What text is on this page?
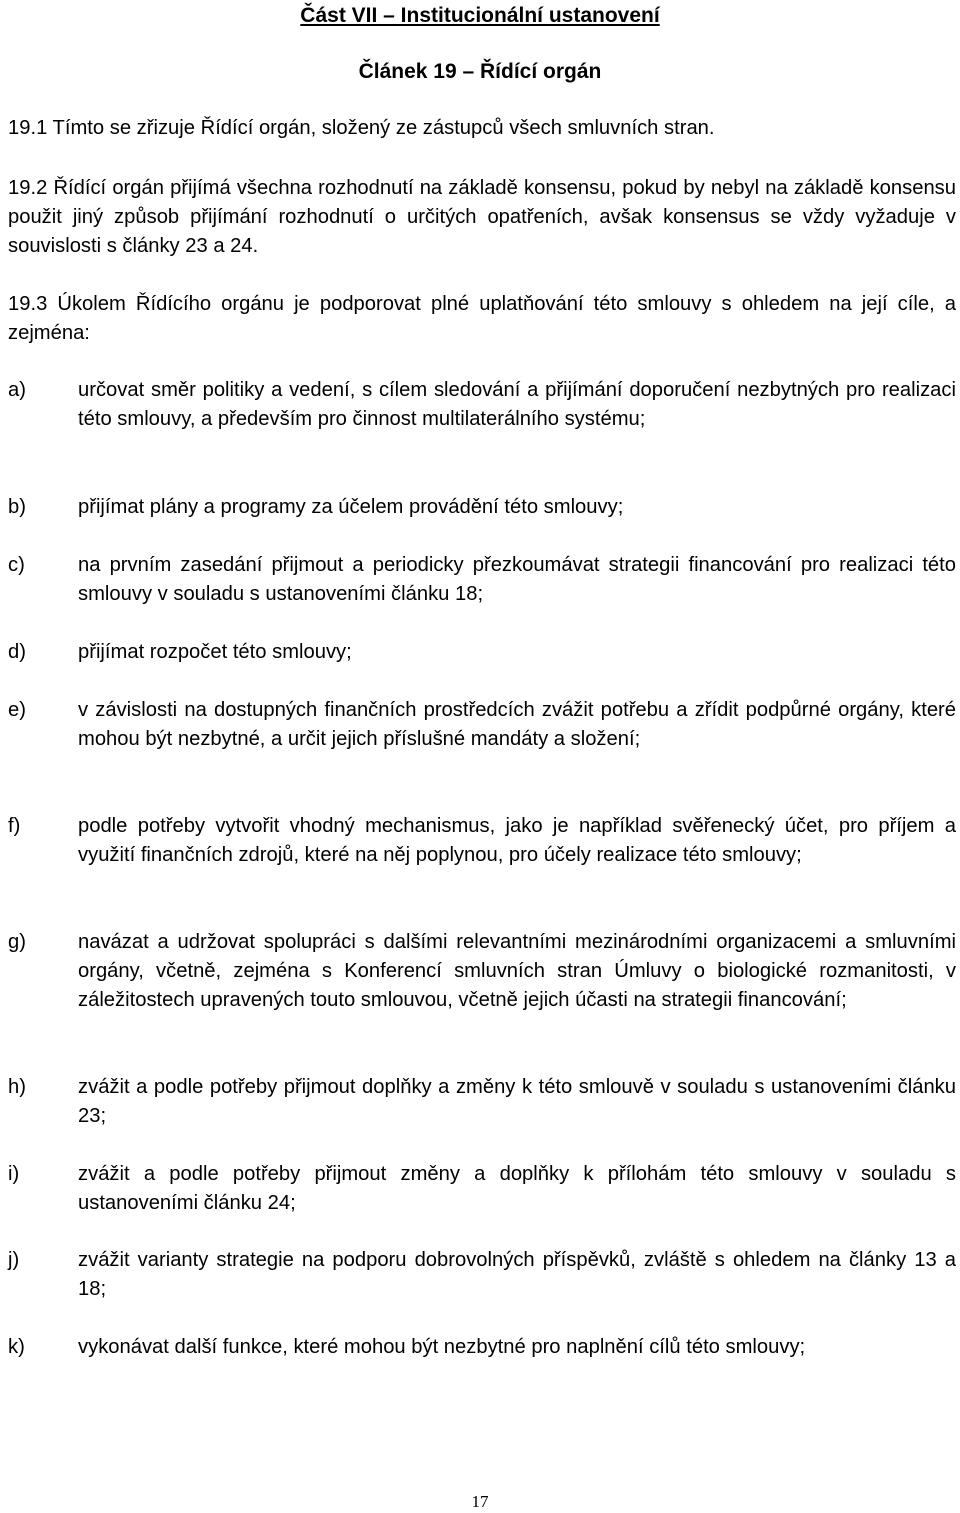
Část VII – Institucionální ustanovení
Článek 19 – Řídící orgán

19.1 Tímto se zřizuje Řídící orgán, složený ze zástupců všech smluvních stran.

19.2 Řídící orgán přijímá všechna rozhodnutí na základě konsensu, pokud by nebyl na základě konsensu použit jiný způsob přijímání rozhodnutí o určitých opatřeních, avšak konsensus se vždy vyžaduje v souvislosti s články 23 a 24.

19.3 Úkolem Řídícího orgánu je podporovat plné uplatňování této smlouvy s ohledem na její cíle, a zejména:

a)	určovat směr politiky a vedení, s cílem sledování a přijímání doporučení nezbytných pro realizaci této smlouvy, a především pro činnost multilaterálního systému;
b)	přijímat plány a programy za účelem provádění této smlouvy;
c)	na prvním zasedání přijmout a periodicky přezkoumávat strategii financování pro realizaci této smlouvy v souladu s ustanoveními článku 18;
d)	přijímat rozpočet této smlouvy;
e)	v závislosti na dostupných finančních prostředcích zvážit potřebu a zřídit podpůrné orgány, které mohou být nezbytné, a určit jejich příslušné mandáty a složení;
f)	podle potřeby vytvořit vhodný mechanismus, jako je například svěřenecký účet, pro příjem a využití finančních zdrojů, které na něj poplynou, pro účely realizace této smlouvy;
g)	navázat a udržovat spolupráci s dalšími relevantními mezinárodními organizacemi a smluvními orgány, včetně, zejména s Konferencí smluvních stran Úmluvy o biologické rozmanitosti, v záležitostech upravených touto smlouvou, včetně jejich účasti na strategii financování;
h)	zvážit a podle potřeby přijmout doplňky a změny k této smlouvě v souladu s ustanoveními článku 23;
i)	zvážit a podle potřeby přijmout změny a doplňky k přílohám této smlouvy v souladu s ustanoveními článku 24;
j)	zvážit varianty strategie na podporu dobrovolných příspěvků, zvláště s ohledem na články 13 a 18;
k)	vykonávat další funkce, které mohou být nezbytné pro naplnění cílů této smlouvy;
17
